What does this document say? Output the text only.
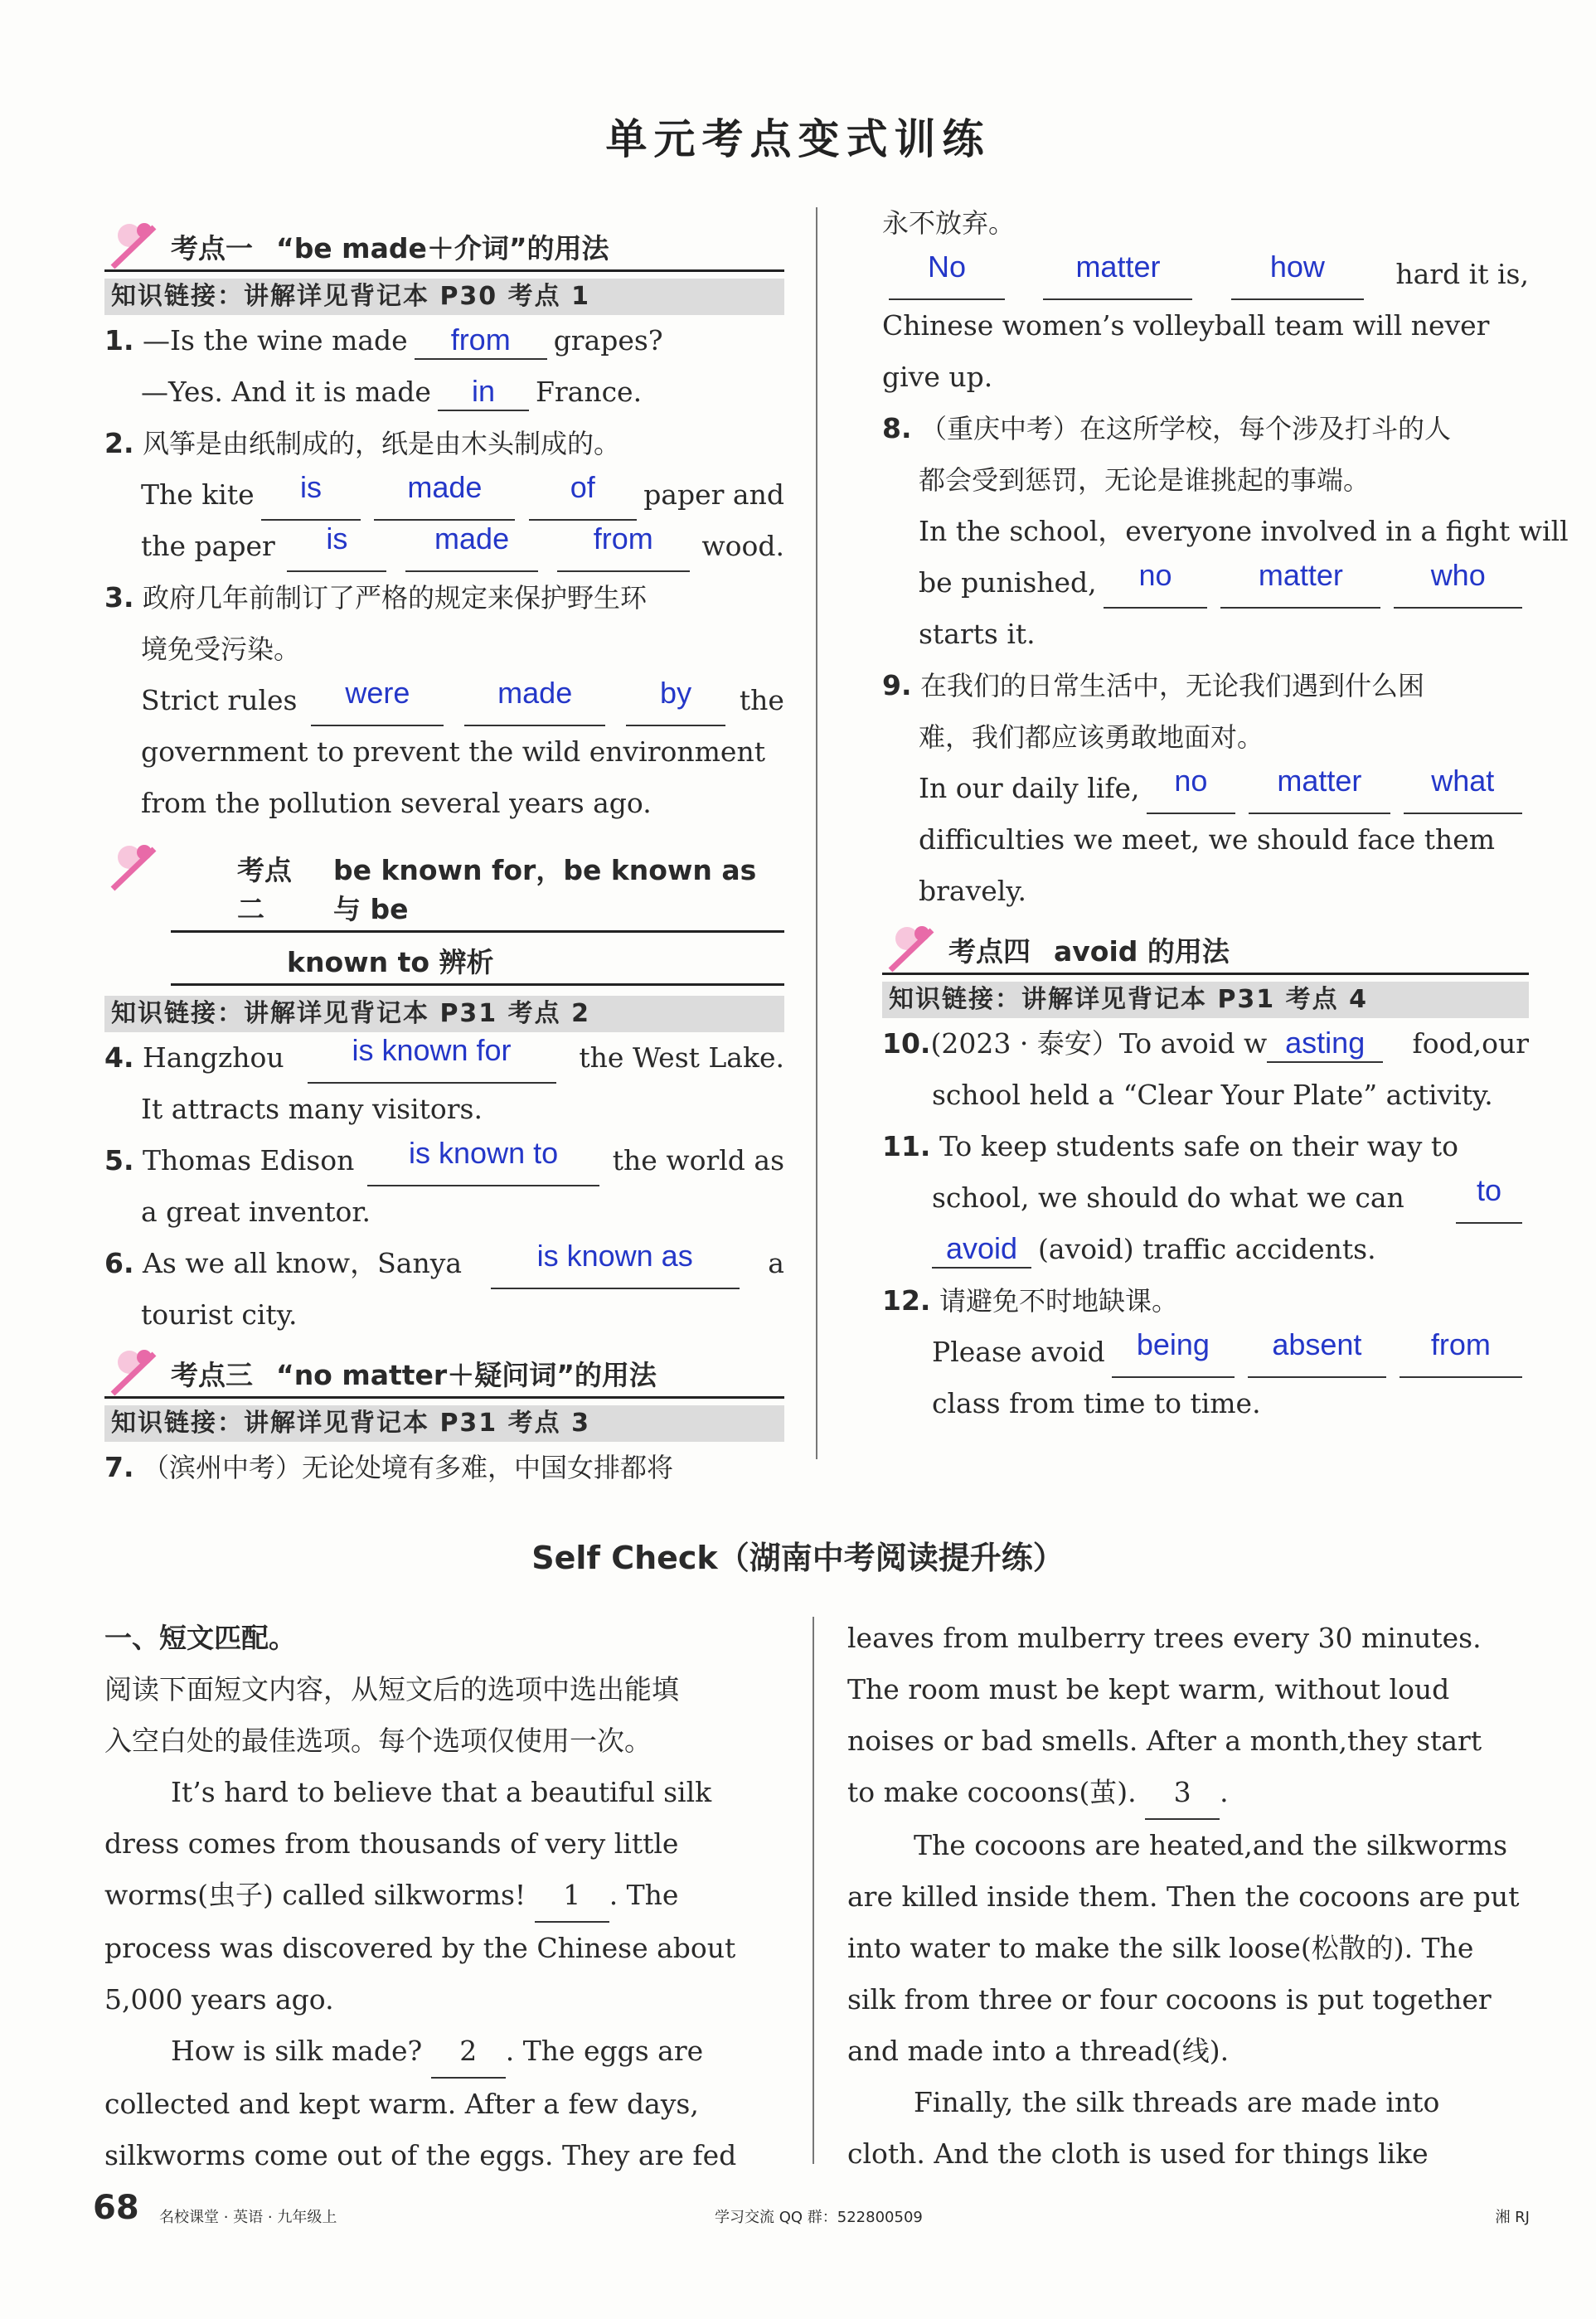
单元考点变式训练
考点一 “be made＋介词”的用法
知识链接：讲解详见背记本 P30 考点 1
1. —Is the wine made from grapes?
—Yes. And it is made in France.
2. 风筝是由纸制成的，纸是由木头制成的。
The kite	is	made	of	paper and
the paper	is	made	from	wood.
3. 政府几年前制订了严格的规定来保护野生环
境免受污染。
Strict rules	were	made	by	the
government to prevent the wild environment
from the pollution several years ago.
考点二
be known for，be known as 与 be
known to 辨析
知识链接：讲解详见背记本 P31 考点 2
4. Hangzhou	is known for	the West Lake.
It attracts many visitors.
5. Thomas Edison	is known to	the world as
a great inventor.
6. As we all know，Sanya	is known as	a
tourist city.
考点三 “no matter＋疑问词”的用法
知识链接：讲解详见背记本 P31 考点 3
7. （滨州中考）无论处境有多难，中国女排都将
永不放弃。
No	matter	how	hard it is,
Chinese women’s volleyball team will never
give up.
8. （重庆中考）在这所学校，每个涉及打斗的人
都会受到惩罚，无论是谁挑起的事端。
In the school，everyone involved in a fight will
be punished,	no	matter	who
starts it.
9. 在我们的日常生活中，无论我们遇到什么困
难，我们都应该勇敢地面对。
In our daily life,	no	matter	what
difficulties we meet, we should face them
bravely.
考点四 avoid 的用法
知识链接：讲解详见背记本 P31 考点 4
10.(2023 · 泰安）To avoid w asting	food,our
school held a “Clear Your Plate” activity.
11. To keep students safe on their way to
school, we should do what we can	to
avoid (avoid) traffic accidents.
12. 请避免不时地缺课。
Please avoid	being	absent	from
class from time to time.
Self Check（湖南中考阅读提升练）
一、短文匹配。
阅读下面短文内容，从短文后的选项中选出能填
入空白处的最佳选项。每个选项仅使用一次。
It’s hard to believe that a beautiful silk
dress comes from thousands of very little
worms(虫子) called silkworms! 1 . The
process was discovered by the Chinese about
5,000 years ago.
How is silk made? 2 . The eggs are
collected and kept warm. After a few days,
silkworms come out of the eggs. They are fed
leaves from mulberry trees every 30 minutes.
The room must be kept warm, without loud
noises or bad smells. After a month,they start
to make cocoons(茧). 3 .
The cocoons are heated,and the silkworms
are killed inside them. Then the cocoons are put
into water to make the silk loose(松散的). The
silk from three or four cocoons is put together
and made into a thread(线).
Finally, the silk threads are made into
cloth. And the cloth is used for things like
68 名校课堂 · 英语 · 九年级上	学习交流 QQ 群：522800509	湘 RJ
